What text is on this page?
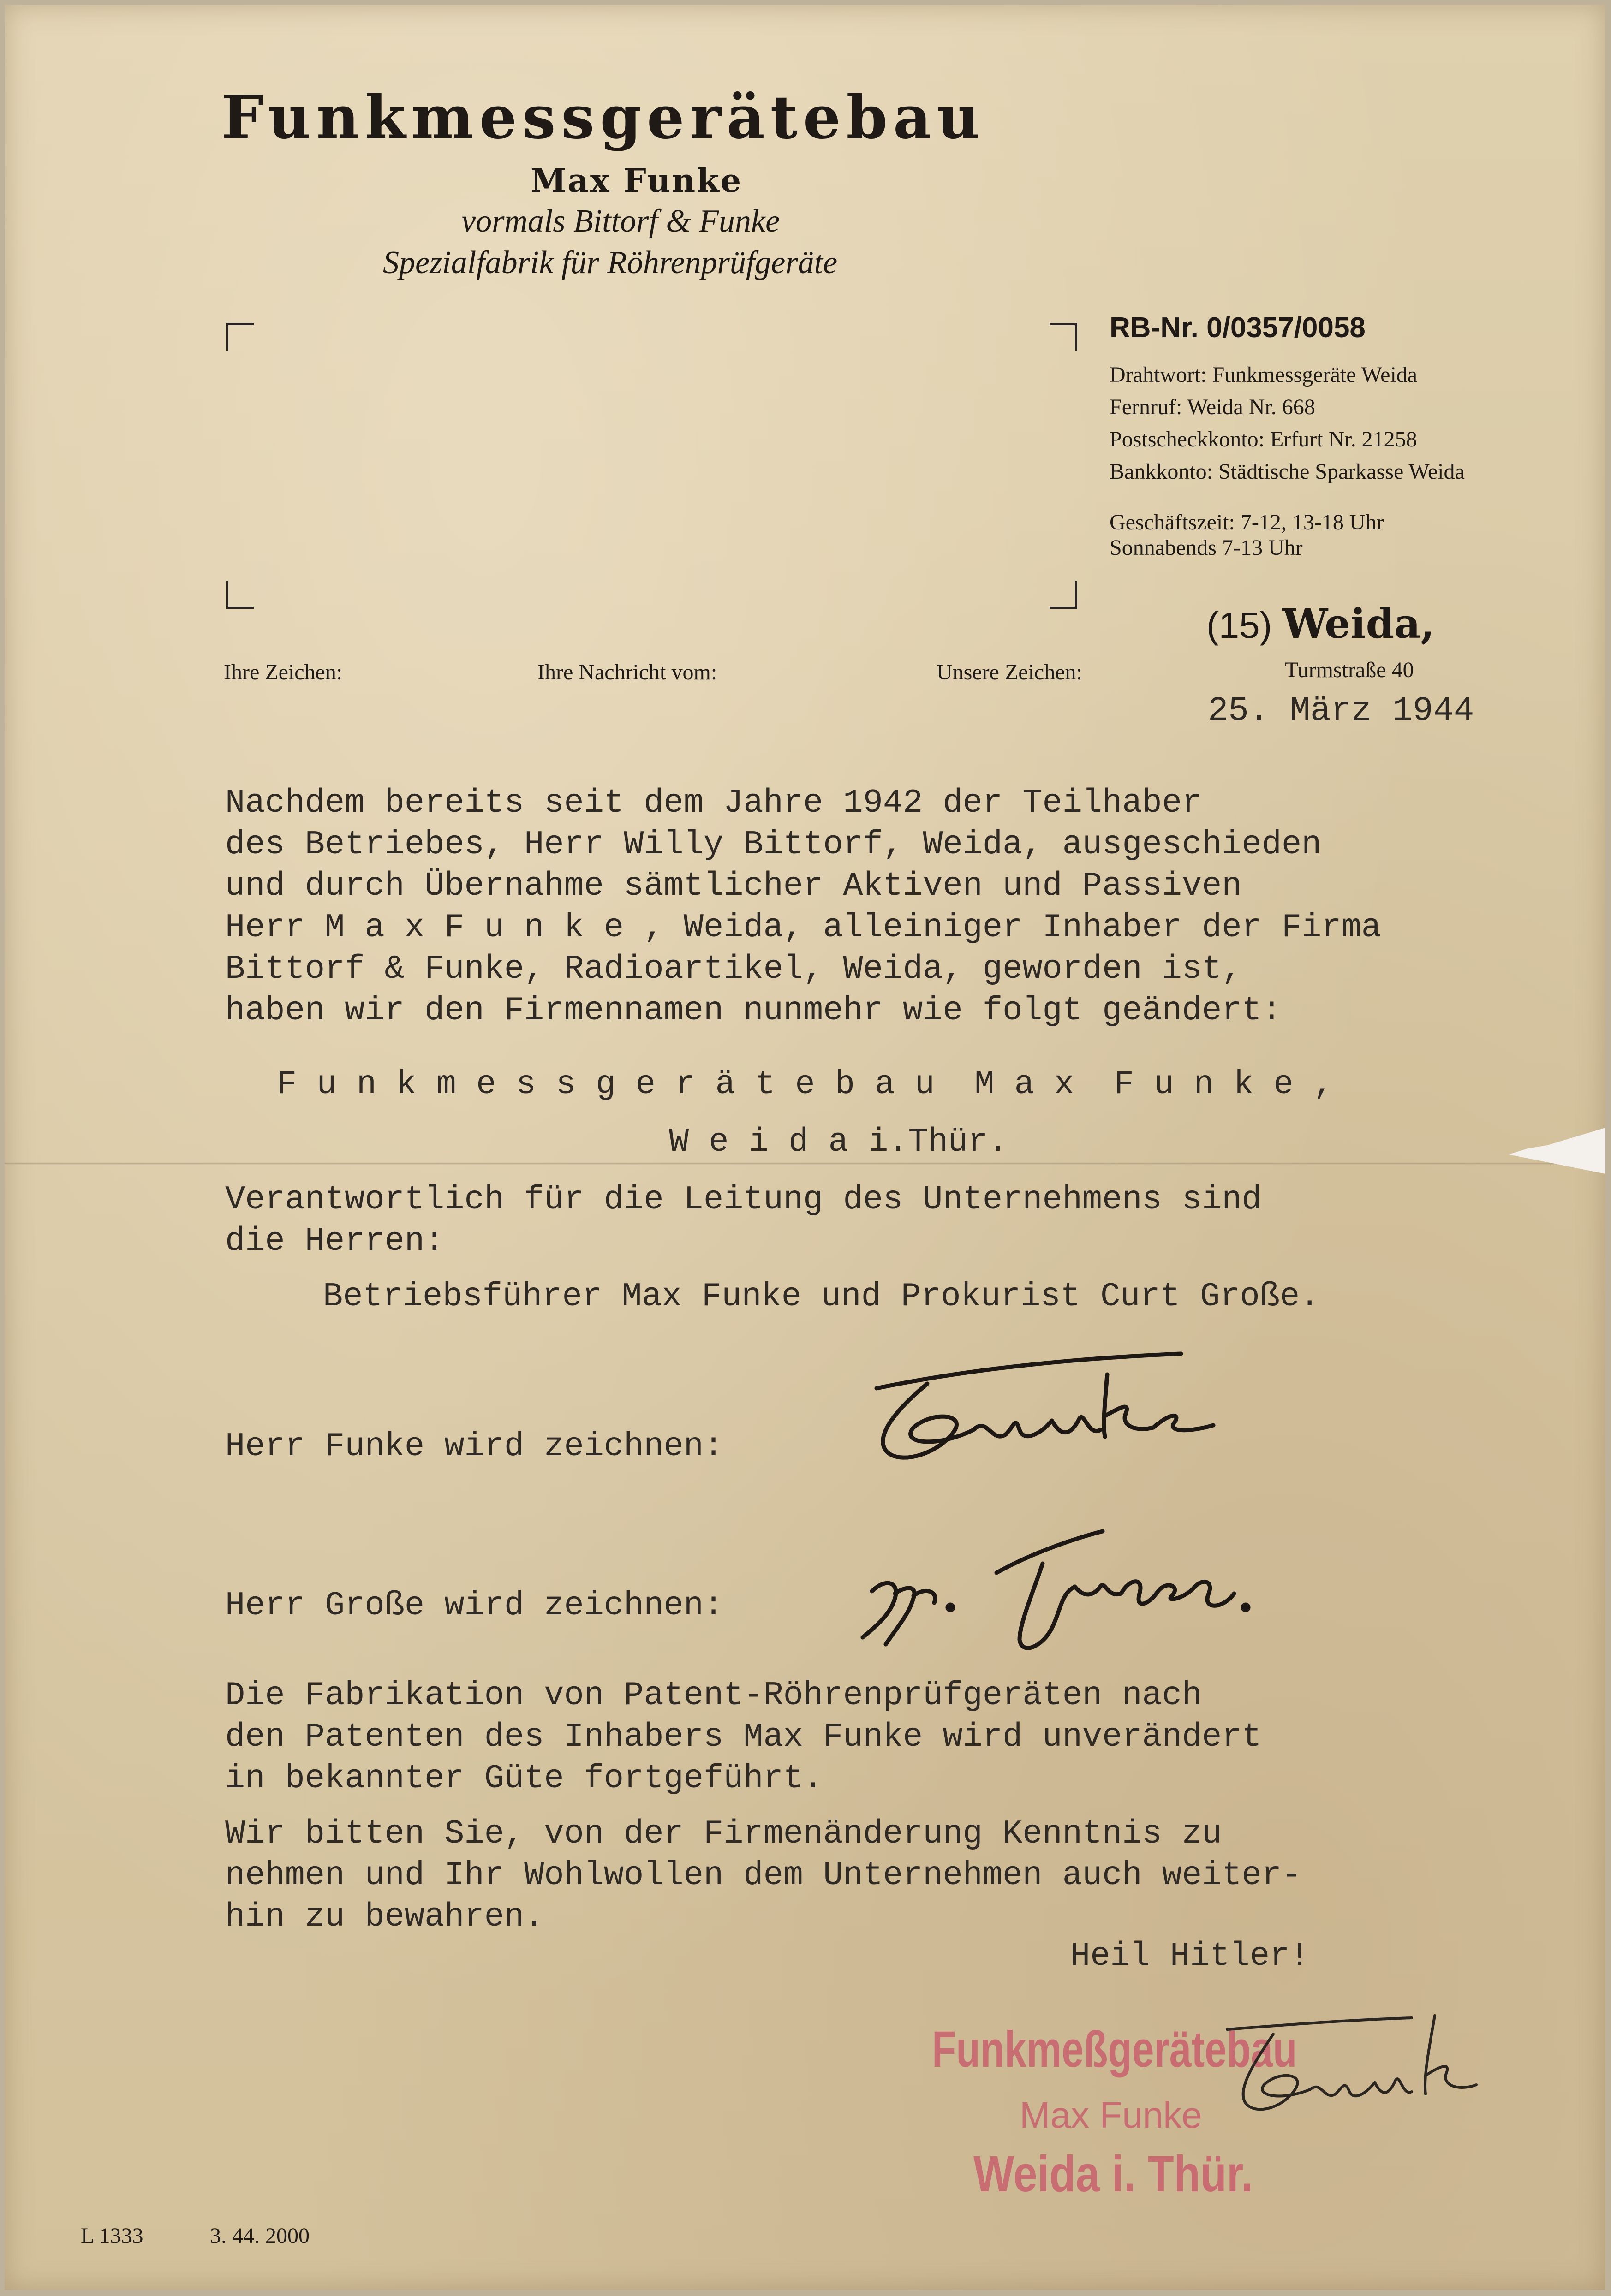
Funkmessgerätebau
Max Funke
vormals Bittorf & Funke
Spezialfabrik für Röhrenprüfgeräte
RB-Nr. 0/0357/0058
Drahtwort: Funkmessgeräte Weida
Fernruf: Weida Nr. 668
Postscheckkonto: Erfurt Nr. 21258
Bankkonto: Städtische Sparkasse Weida
Geschäftszeit: 7-12, 13-18 Uhr
Sonnabends 7-13 Uhr
Ihre Zeichen:	Ihre Nachricht vom:	Unsere Zeichen:
(15) Weida,
Turmstraße 40
25. März 1944
Nachdem bereits seit dem Jahre 1942 der Teilhaber
des Betriebes, Herr Willy Bittorf, Weida, ausgeschieden
und durch Übernahme sämtlicher Aktiven und Passiven
Herr M a x F u n k e , Weida, alleiniger Inhaber der Firma
Bittorf & Funke, Radioartikel, Weida, geworden ist,
haben wir den Firmennamen nunmehr wie folgt geändert:
F u n k m e s s g e r ä t e b a u  M a x  F u n k e ,
W e i d a i.Thür.
Verantwortlich für die Leitung des Unternehmens sind
die Herren:
Betriebsführer Max Funke und Prokurist Curt Große.
Herr Funke wird zeichnen:
Herr Große wird zeichnen:
Die Fabrikation von Patent-Röhrenprüfgeräten nach
den Patenten des Inhabers Max Funke wird unverändert
in bekannter Güte fortgeführt.
Wir bitten Sie, von der Firmenänderung Kenntnis zu
nehmen und Ihr Wohlwollen dem Unternehmen auch weiter-
hin zu bewahren.
Heil Hitler!

Funkmeßgerätebau

Max Funke

Weida i. Thür.

L 1333	3. 44. 2000
